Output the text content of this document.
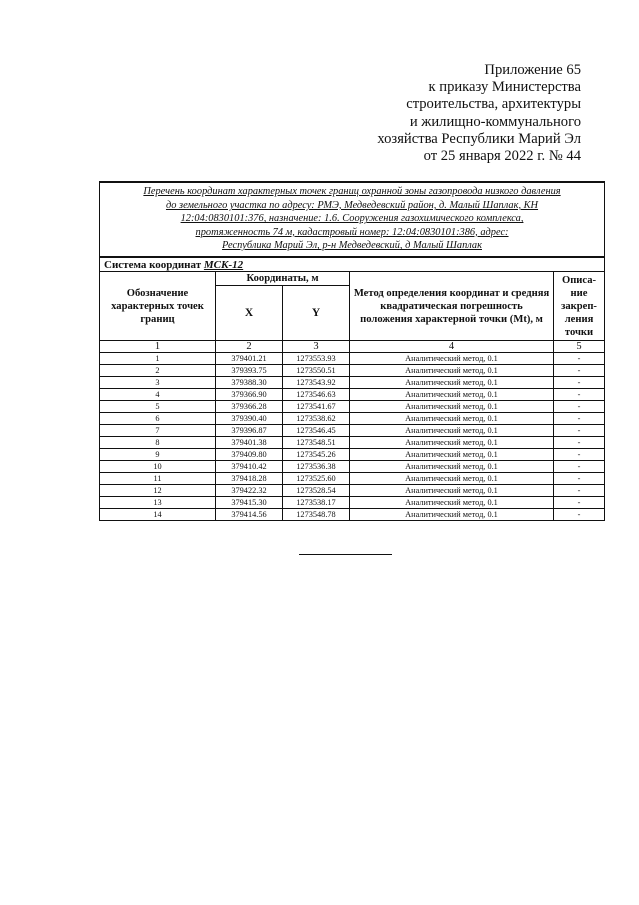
Приложение 65
к приказу Министерства
строительства, архитектуры
и жилищно-коммунального
хозяйства Республики Марий Эл
от 25 января 2022 г. № 44
Перечень координат характерных точек границ охранной зоны газопровода низкого давления
до земельного участка по адресу: РМЭ, Медведевский район, д. Малый Шаплак, КН
12:04:0830101:376, назначение: 1.6. Сооружения газохимического комплекса,
протяженность 74 м, кадастровый номер: 12:04:0830101:386, адрес:
Республика Марий Эл, р-н Медведевский, д Малый Шаплак				

Система координат МСК-12				
Обозначение характерных точек границ	Координаты, м		Метод определения координат и средняя квадратическая погрешность положения характерной точки (Mt), м	Описа-ние закреп-ления точки
	X	Y		
1	2	3	4	5
1	379401.21	1273553.93	Аналитический метод, 0.1	-
2	379393.75	1273550.51	Аналитический метод, 0.1	-
3	379388.30	1273543.92	Аналитический метод, 0.1	-
4	379366.90	1273546.63	Аналитический метод, 0.1	-
5	379366.28	1273541.67	Аналитический метод, 0.1	-
6	379390.40	1273538.62	Аналитический метод, 0.1	-
7	379396.87	1273546.45	Аналитический метод, 0.1	-
8	379401.38	1273548.51	Аналитический метод, 0.1	-
9	379409.80	1273545.26	Аналитический метод, 0.1	-
10	379410.42	1273536.38	Аналитический метод, 0.1	-
11	379418.28	1273525.60	Аналитический метод, 0.1	-
12	379422.32	1273528.54	Аналитический метод, 0.1	-
13	379415.30	1273538.17	Аналитический метод, 0.1	-
14	379414.56	1273548.78	Аналитический метод, 0.1	-
